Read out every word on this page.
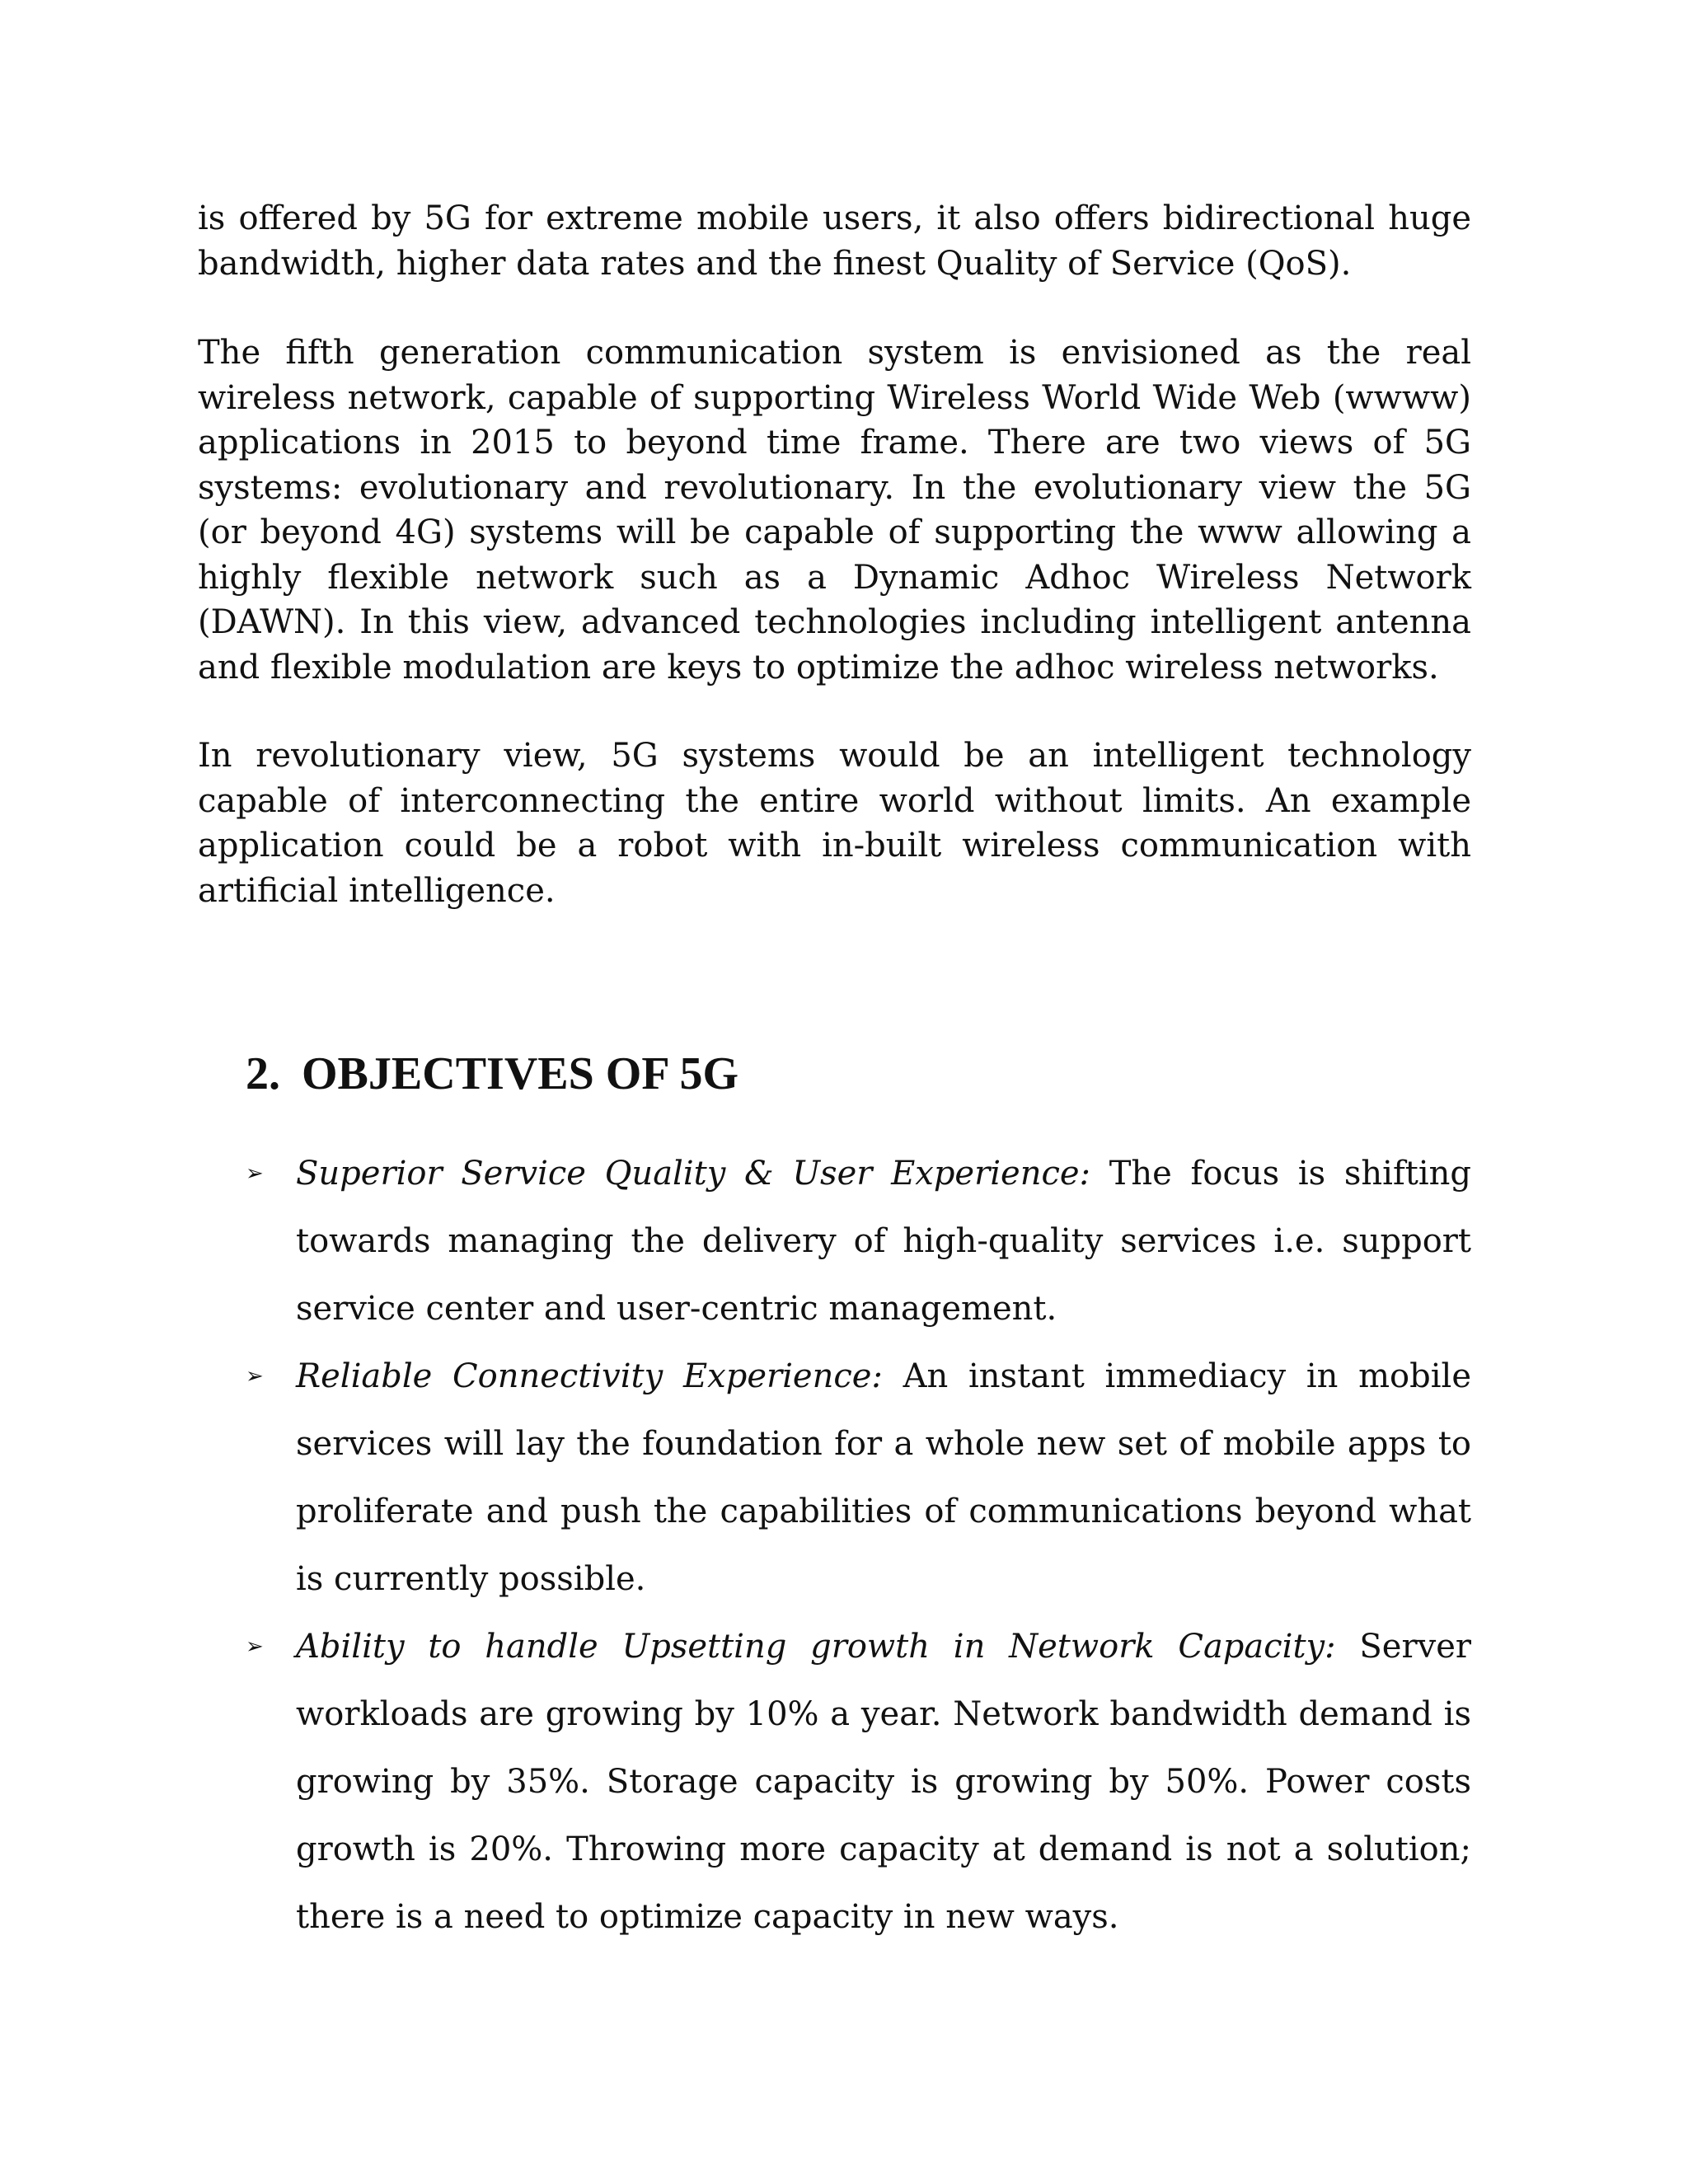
is offered by 5G for extreme mobile users, it also offers bidirectional huge bandwidth, higher data rates and the finest Quality of Service (QoS).

The fifth generation communication system is envisioned as the real wireless network, capable of supporting Wireless World Wide Web (wwww) applications in 2015 to beyond time frame. There are two views of 5G systems: evolutionary and revolutionary. In the evolutionary view the 5G (or beyond 4G) systems will be capable of supporting the www allowing a highly flexible network such as a Dynamic Adhoc Wireless Network (DAWN). In this view, advanced technologies including intelligent antenna and flexible modulation are keys to optimize the adhoc wireless networks.

In revolutionary view, 5G systems would be an intelligent technology capable of interconnecting the entire world without limits. An example application could be a robot with in-built wireless communication with artificial intelligence.

2. OBJECTIVES OF 5G
➢ Superior Service Quality & User Experience: The focus is shifting towards managing the delivery of high-quality services i.e. support service center and user-centric management.
➢ Reliable Connectivity Experience: An instant immediacy in mobile services will lay the foundation for a whole new set of mobile apps to proliferate and push the capabilities of communications beyond what is currently possible.
➢ Ability to handle Upsetting growth in Network Capacity: Server workloads are growing by 10% a year. Network bandwidth demand is growing by 35%. Storage capacity is growing by 50%. Power costs growth is 20%. Throwing more capacity at demand is not a solution; there is a need to optimize capacity in new ways.
